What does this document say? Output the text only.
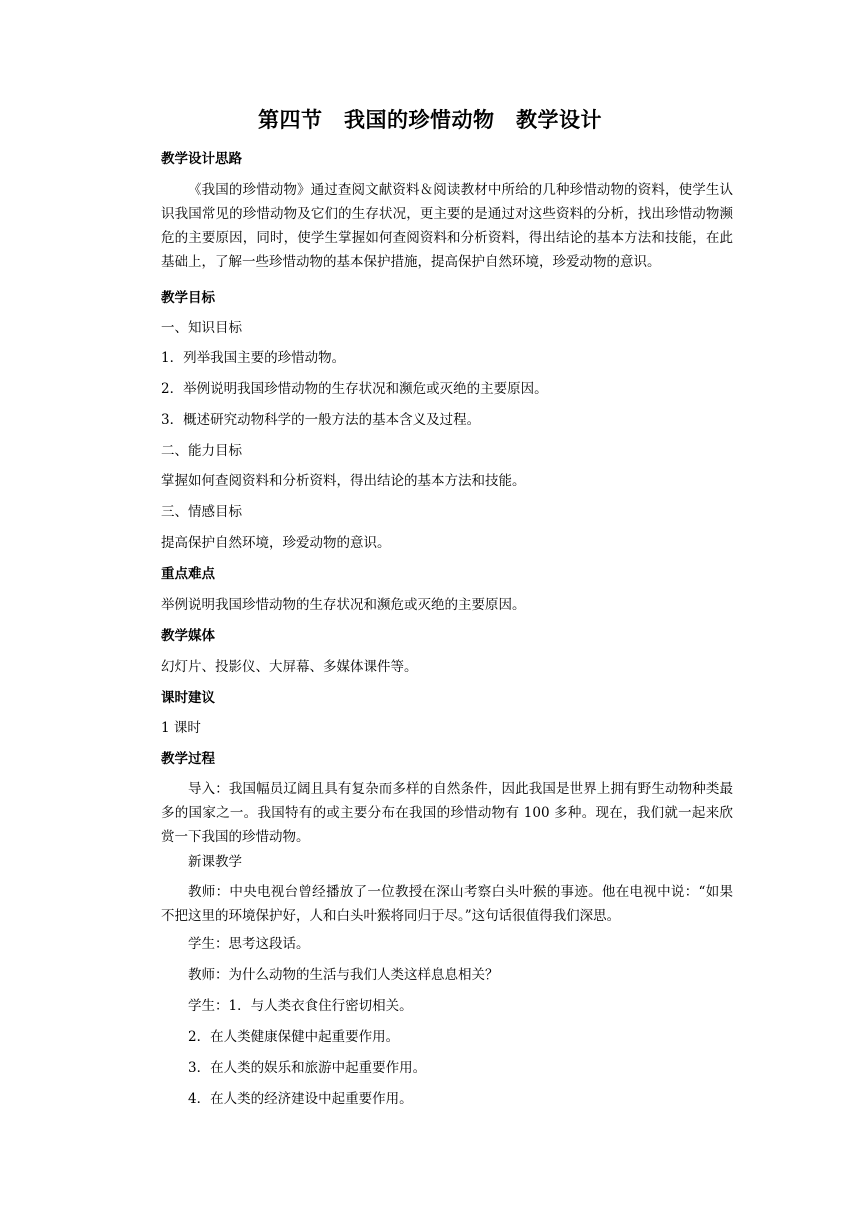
第四节　我国的珍惜动物　教学设计
教学设计思路
《我国的珍惜动物》通过查阅文献资料＆阅读教材中所给的几种珍惜动物的资料，使学生认识我国常见的珍惜动物及它们的生存状况，更主要的是通过对这些资料的分析，找出珍惜动物濒危的主要原因，同时，使学生掌握如何查阅资料和分析资料，得出结论的基本方法和技能，在此基础上，了解一些珍惜动物的基本保护措施，提高保护自然环境，珍爱动物的意识。
教学目标
一、知识目标
1．列举我国主要的珍惜动物。
2．举例说明我国珍惜动物的生存状况和濒危或灭绝的主要原因。
3．概述研究动物科学的一般方法的基本含义及过程。
二、能力目标
掌握如何查阅资料和分析资料，得出结论的基本方法和技能。
三、情感目标
提高保护自然环境，珍爱动物的意识。
重点难点
举例说明我国珍惜动物的生存状况和濒危或灭绝的主要原因。
教学媒体
幻灯片、投影仪、大屏幕、多媒体课件等。
课时建议
1 课时
教学过程
导入：我国幅员辽阔且具有复杂而多样的自然条件，因此我国是世界上拥有野生动物种类最多的国家之一。我国特有的或主要分布在我国的珍惜动物有 100 多种。现在，我们就一起来欣赏一下我国的珍惜动物。
新课教学
教师：中央电视台曾经播放了一位教授在深山考察白头叶猴的事迹。他在电视中说：“如果不把这里的环境保护好，人和白头叶猴将同归于尽。”这句话很值得我们深思。
学生：思考这段话。
教师：为什么动物的生活与我们人类这样息息相关？
学生：1．与人类衣食住行密切相关。
2．在人类健康保健中起重要作用。
3．在人类的娱乐和旅游中起重要作用。
4．在人类的经济建设中起重要作用。
